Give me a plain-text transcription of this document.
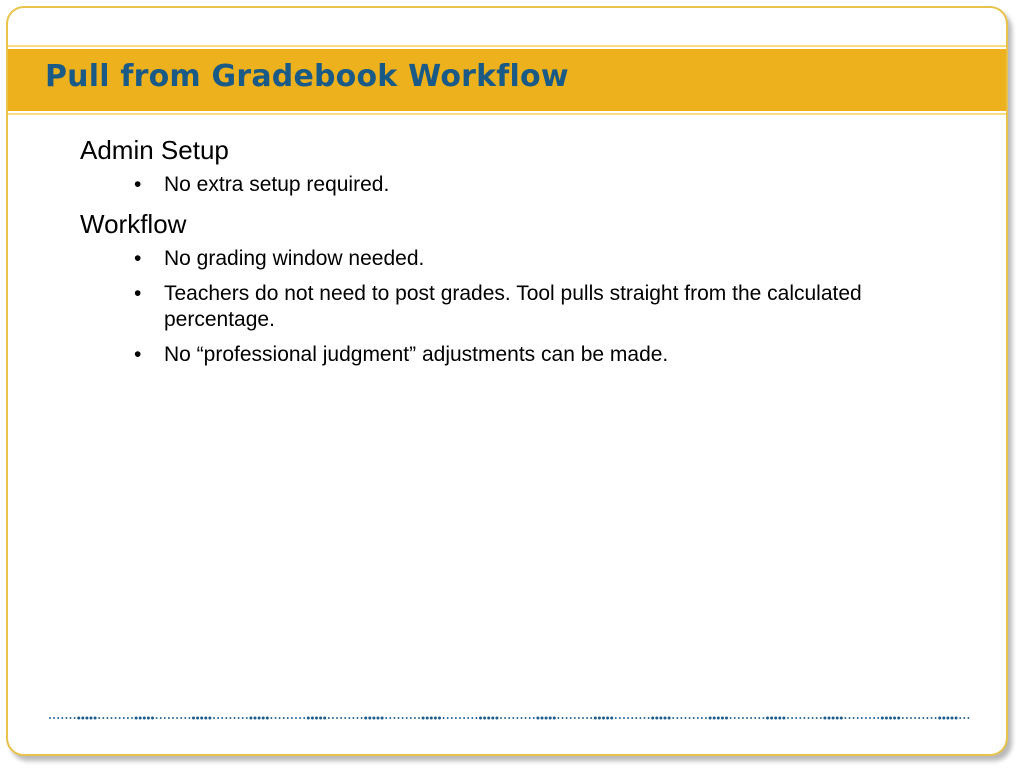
Pull from Gradebook Workflow
Admin Setup
• No extra setup required.
Workflow
• No grading window needed.
• Teachers do not need to post grades. Tool pulls straight from the calculated percentage.
• No “professional judgment” adjustments can be made.
